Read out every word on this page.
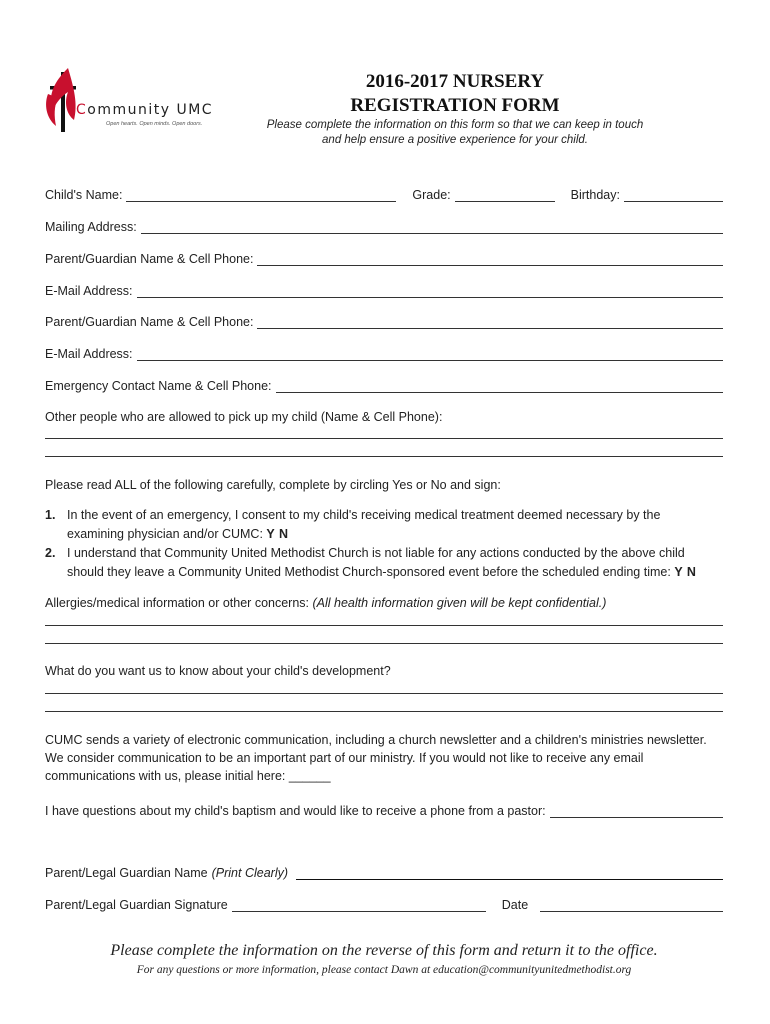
Community UMC
Open hearts. Open minds. Open doors.
2016-2017 NURSERY
REGISTRATION FORM
Please complete the information on this form so that we can keep in touch
and help ensure a positive experience for your child.
Child's Name:	Grade:	Birthday:
Mailing Address:
Parent/Guardian Name & Cell Phone:
E-Mail Address:
Parent/Guardian Name & Cell Phone:
E-Mail Address:
Emergency Contact Name & Cell Phone:
Other people who are allowed to pick up my child (Name & Cell Phone):
Please read ALL of the following carefully, complete by circling Yes or No and sign:
1. In the event of an emergency, I consent to my child's receiving medical treatment deemed necessary by the
examining physician and/or CUMC: Y N
2. I understand that Community United Methodist Church is not liable for any actions conducted by the above child
should they leave a Community United Methodist Church-sponsored event before the scheduled ending time: Y N
Allergies/medical information or other concerns: (All health information given will be kept confidential.)
What do you want us to know about your child's development?
CUMC sends a variety of electronic communication, including a church newsletter and a children's ministries newsletter.
We consider communication to be an important part of our ministry. If you would not like to receive any email
communications with us, please initial here: ______
I have questions about my child's baptism and would like to receive a phone from a pastor:
Parent/Legal Guardian Name (Print Clearly)
Parent/Legal Guardian Signature	Date
Please complete the information on the reverse of this form and return it to the office.
For any questions or more information, please contact Dawn at education@communityunitedmethodist.org
